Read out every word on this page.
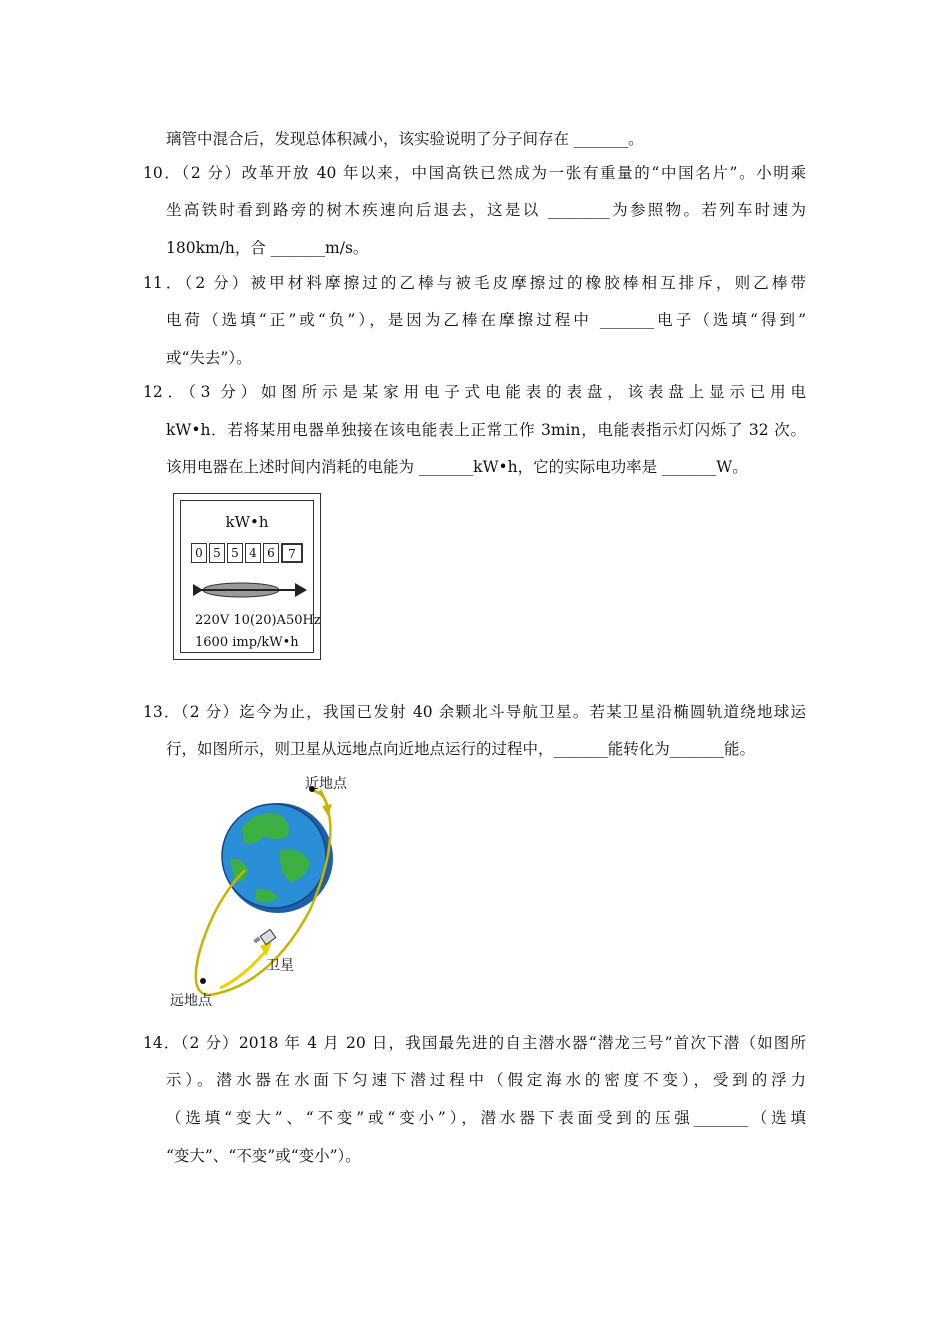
璃管中混合后，发现总体积减小，该实验说明了分子间存在 _______。
10．（2 分）改革开放 40 年以来，中国高铁已然成为一张有重量的“中国名片”。小明乘
坐高铁时看到路旁的树木疾速向后退去，这是以 ________为参照物。若列车时速为
180km/h，合 _______m/s。
11．（2 分）被甲材料摩擦过的乙棒与被毛皮摩擦过的橡胶棒相互排斥，则乙棒带
电荷（选填“正”或“负”），是因为乙棒在摩擦过程中 _______电子（选填“得到”
或“失去”）。
12．（3 分）如图所示是某家用电子式电能表的表盘，该表盘上显示已用电
kW•h．若将某用电器单独接在该电能表上正常工作 3min，电能表指示灯闪烁了 32 次。
该用电器在上述时间内消耗的电能为 _______kW•h，它的实际电功率是 _______W。
kW•h
0 5 5 4 6	7
220V 10(20)A50Hz
1600 imp/kW•h
13．（2 分）迄今为止，我国已发射 40 余颗北斗导航卫星。若某卫星沿椭圆轨道绕地球运
行，如图所示，则卫星从远地点向近地点运行的过程中，_______能转化为_______能。
近地点
卫星
远地点
14．（2 分）2018 年 4 月 20 日，我国最先进的自主潜水器“潜龙三号”首次下潜（如图所
示）。潜水器在水面下匀速下潜过程中（假定海水的密度不变），受到的浮力
（选填“变大”、“不变”或“变小”），潜水器下表面受到的压强_______（选填
“变大”、“不变”或“变小”）。
